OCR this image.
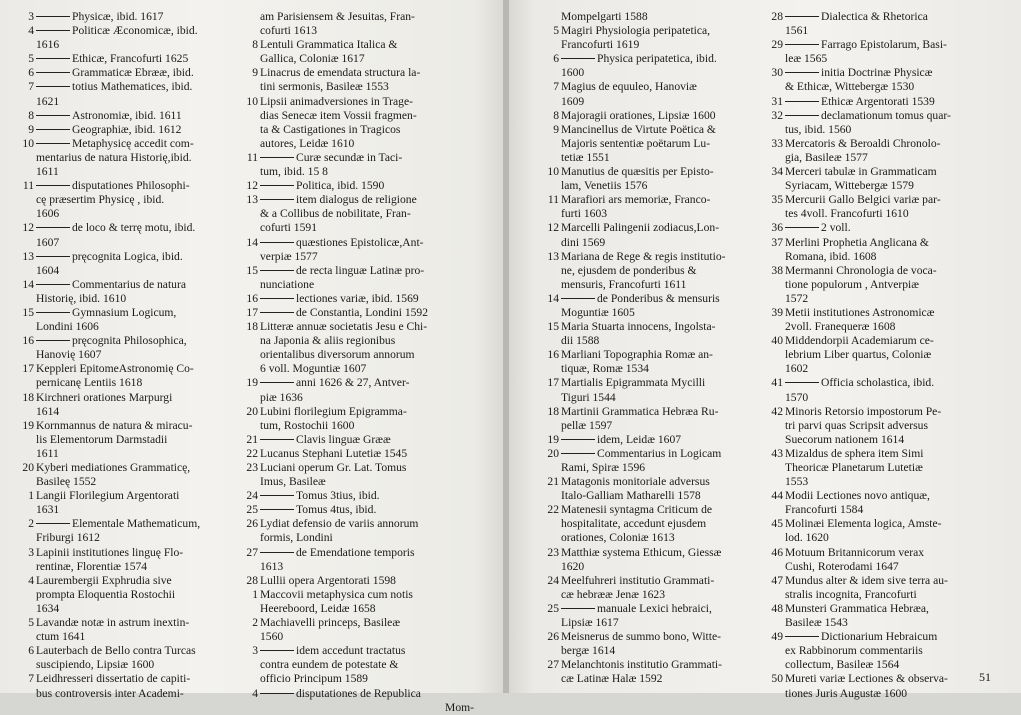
3	Physicæ, ibid. 1617
4	Politicæ Æconomicæ, ibid.
1616
5	Ethicæ, Francofurti 1625
6	Grammaticæ Ebrææ, ibid.
7	totius Mathematices, ibid.
1621
8	Astronomiæ, ibid. 1611
9	Geographiæ, ibid. 1612
10	Metaphysicę accedit com-
mentarius de natura Historię,ibid.
1611
11	disputationes Philosophi-
cę præsertim Physicę , ibid.
1606
12	de loco & terrę motu, ibid.
1607
13	pręcognita Logica, ibid.
1604
14	Commentarius de natura
Historię, ibid. 1610
15	Gymnasium Logicum,
Londini 1606
16	pręcognita Philosophica,
Hanovię 1607
17 Keppleri EpitomeAstronomię Co-
pernicanę Lentiis 1618
18 Kirchneri orationes Marpurgi
1614
19 Kornmannus de natura & miracu-
lis Elementorum Darmstadii
1611
20 Kyberi mediationes Grammaticę,
Basileę 1552
1 Langii Florilegium Argentorati
1631
2	Elementale Mathematicum,
Friburgi 1612
3 Lapinii institutiones linguę Flo-
rentinæ, Florentiæ 1574
4 Laurembergii Exphrudia sive
prompta Eloquentia Rostochii
1634
5 Lavandæ notæ in astrum inextin-
ctum 1641
6 Lauterbach de Bello contra Turcas
suscipiendo, Lipsiæ 1600
7 Leidhresseri dissertatio de capiti-
bus controversis inter Academi-
am Parisiensem & Jesuitas, Fran-
cofurti 1613
8 Lentuli Grammatica Italica &
Gallica, Coloniæ 1617
9 Linacrus de emendata structura la-
tini sermonis, Basileæ 1553
10 Lipsii animadversiones in Trage-
dias Senecæ item Vossii fragmen-
ta & Castigationes in Tragicos
autores, Leidæ 1610
11	Curæ secundæ in Taci-
tum, ibid. 15 8
12	Politica, ibid. 1590
13	item dialogus de religione
& a Collibus de nobilitate, Fran-
cofurti 1591
14	quæstiones Epistolicæ,Ant-
verpiæ 1577
15	de recta linguæ Latinæ pro-
nunciatione
16	lectiones variæ, ibid. 1569
17	de Constantia, Londini 1592
18 Litteræ annuæ societatis Jesu e Chi-
na Japonia & aliis regionibus
orientalibus diversorum annorum
6 voll. Moguntiæ 1607
19	anni 1626 & 27, Antver-
piæ 1636
20 Lubini florilegium Epigramma-
tum, Rostochii 1600
21	Clavis linguæ Grææ
22 Lucanus Stephani Lutetiæ 1545
23 Luciani operum Gr. Lat. Tomus
Imus, Basileæ
24	Tomus 3tius, ibid.
25	Tomus 4tus, ibid.
26 Lydiat defensio de variis annorum
formis, Londini
27	de Emendatione temporis
1613
28 Lullii opera Argentorati 1598
1 Maccovii metaphysica cum notis
Heereboord, Leidæ 1658
2 Machiavelli princeps, Basileæ
1560
3	idem accedunt tractatus
contra eundem de potestate &
officio Principum 1589
4	disputationes de Republica
Mom-
Mompelgarti 1588
5 Magiri Physiologia peripatetica,
Francofurti 1619
6	Physica peripatetica, ibid.
1600
7 Magius de equuleo, Hanoviæ
1609
8 Majoragii orationes, Lipsiæ 1600
9 Mancinellus de Virtute Poëtica &
Majoris sententiæ poëtarum Lu-
tetiæ 1551
10 Manutius de quæsitis per Episto-
lam, Venetiis 1576
11 Marafiori ars memoriæ, Franco-
furti 1603
12 Marcelli Palingenii zodiacus,Lon-
dini 1569
13 Mariana de Rege & regis institutio-
ne, ejusdem de ponderibus &
mensuris, Francofurti 1611
14	de Ponderibus & mensuris
Moguntiæ 1605
15 Maria Stuarta innocens, Ingolsta-
dii 1588
16 Marliani Topographia Romæ an-
tiquæ, Romæ 1534
17 Martialis Epigrammata Mycilli
Tiguri 1544
18 Martinii Grammatica Hebræa Ru-
pellæ 1597
19	idem, Leidæ 1607
20	Commentarius in Logicam
Rami, Spiræ 1596
21 Matagonis monitoriale adversus
Italo-Galliam Matharelli 1578
22 Matenesii syntagma Criticum de
hospitalitate, accedunt ejusdem
orationes, Coloniæ 1613
23 Matthiæ systema Ethicum, Giessæ
1620
24 Meelfuhreri institutio Grammati-
cæ hebrææ Jenæ 1623
25	manuale Lexici hebraici,
Lipsiæ 1617
26 Meisnerus de summo bono, Witte-
bergæ 1614
27 Melanchtonis institutio Grammati-
cæ Latinæ Halæ 1592
28	Dialectica & Rhetorica
1561
29	Farrago Epistolarum, Basi-
leæ 1565
30	initia Doctrinæ Physicæ
& Ethicæ, Wittebergæ 1530
31	Ethicæ Argentorati 1539
32	declamationum tomus quar-
tus, ibid. 1560
33 Mercatoris & Beroaldi Chronolo-
gia, Basileæ 1577
34 Merceri tabulæ in Grammaticam
Syriacam, Wittebergæ 1579
35 Mercurii Gallo Belgici variæ par-
tes 4voll. Francofurti 1610
36	2 voll.
37 Merlini Prophetia Anglicana &
Romana, ibid. 1608
38 Mermanni Chronologia de voca-
tione populorum , Antverpiæ
1572
39 Metii institutiones Astronomicæ
2voll. Franequeræ 1608
40 Middendorpii Academiarum ce-
lebrium Liber quartus, Coloniæ
1602
41	Officia scholastica, ibid.
1570
42 Minoris Retorsio impostorum Pe-
tri parvi quas Scripsit adversus
Suecorum nationem 1614
43 Mizaldus de sphera item Simi
Theoricæ Planetarum Lutetiæ
1553
44 Modii Lectiones novo antiquæ,
Francofurti 1584
45 Molinæi Elementa logica, Amste-
lod. 1620
46 Motuum Britannicorum verax
Cushi, Roterodami 1647
47 Mundus alter & idem sive terra au-
stralis incognita, Francofurti
48 Munsteri Grammatica Hebræa,
Basileæ 1543
49	Dictionarium Hebraicum
ex Rabbinorum commentariis
collectum, Basileæ 1564
50 Mureti variæ Lectiones & observa-
tiones Juris Augustæ 1600
51
